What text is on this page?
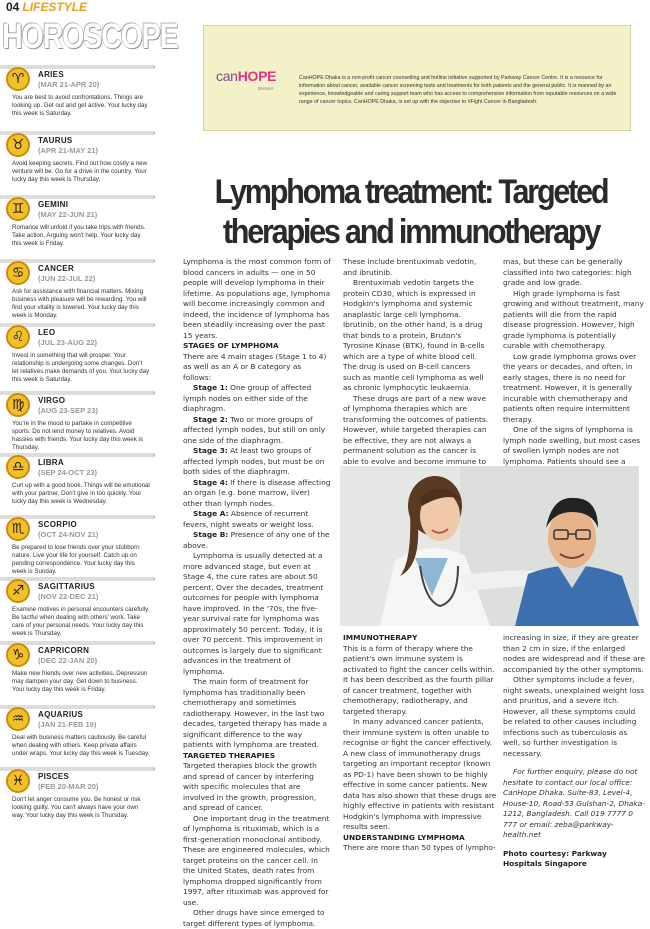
04 LIFESTYLE
HOROSCOPE
♈	ARIES
(MAR 21-APR 20)
You are best to avoid confrontations. Things are looking up. Get out and get active. Your lucky day this week is Saturday.
♉	TAURUS
(APR 21-MAY 21)
Avoid keeping secrets. Find out how costly a new venture will be. Go for a drive in the country. Your lucky day this week is Thursday.
♊	GEMINI
(MAY 22-JUN 21)
Romance will unfold if you take trips with friends. Take action. Arguing won't help. Your lucky day this week is Friday.
♋	CANCER
(JUN 22-JUL 22)
Ask for assistance with financial matters. Mixing business with pleasure will be rewarding. You will find your vitality is lowered. Your lucky day this week is Monday.
♌	LEO
(JUL 23-AUG 22)
Invest in something that will prosper. Your relationship is undergoing some changes. Don't let relatives make demands of you. Your lucky day this week is Saturday.
♍	VIRGO
(AUG 23-SEP 23)
You're in the mood to partake in competitive sports. Do not lend money to relatives. Avoid hassles with friends. Your lucky day this week is Thursday.
♎	LIBRA
(SEP 24-OCT 23)
Curl up with a good book. Things will be emotional with your partner. Don't give in too quickly. Your lucky day this week is Wednesday.
♏	SCORPIO
(OCT 24-NOV 21)
Be prepared to lose friends over your stubborn nature. Live your life for yourself. Catch up on pending correspondence. Your lucky day this week is Sunday.
♐	SAGITTARIUS
(NOV 22-DEC 21)
Examine motives in personal encounters carefully. Be tactful when dealing with others' work. Take care of your personal needs. Your lucky day this week is Thursday.
♑	CAPRICORN
(DEC 22-JAN 20)
Make new friends over new activities. Depression may dampen your day. Get down to business. Your lucky day this week is Friday.
♒	AQUARIUS
(JAN 21-FEB 19)
Deal with business matters cautiously. Be careful when dealing with others. Keep private affairs under wraps. Your lucky day this week is Tuesday.
♓	PISCES
(FEB 20-MAR 20)
Don't let anger consume you. Be honest or risk looking guilty. You can't always have your own way. Your lucky day this week is Thursday.
canHOPE
DHAKA
CanHOPE Dhaka is a non-profit cancer counselling and hotline initiative supported by Parkway Cancer Centre. It is a resource for information about cancer, available cancer screening tests and treatments for both patients and the general public. It is manned by an experience, knowledgeable and caring support team who has access to comprehensive information from reputable resources on a wide range of cancer topics. CanHOPE Dhaka, is set up with the objective to #Fight Cancer in Bangladesh.
Lymphoma treatment: Targeted therapies and immunotherapy

Lymphoma is the most common form of blood cancers in adults — one in 50 people will develop lymphoma in their lifetime. As populations age, lymphoma will become increasingly common and indeed, the incidence of lymphoma has been steadily increasing over the past 15 years.

STAGES OF LYMPHOMA

There are 4 main stages (Stage 1 to 4) as well as an A or B category as follows:

Stage 1: One group of affected lymph nodes on either side of the diaphragm.

Stage 2: Two or more groups of affected lymph nodes, but still on only one side of the diaphragm.

Stage 3: At least two groups of affected lymph nodes, but must be on both sides of the diaphragm.

Stage 4: If there is disease affecting an organ (e.g. bone marrow, liver) other than lymph nodes.

Stage A: Absence of recurrent fevers, night sweats or weight loss.

Stage B: Presence of any one of the above.

Lymphoma is usually detected at a more advanced stage, but even at Stage 4, the cure rates are about 50 percent. Over the decades, treatment outcomes for people with lymphoma have improved. In the '70s, the five-year survival rate for lymphoma was approximately 50 percent. Today, it is over 70 percent. This improvement in outcomes is largely due to significant advances in the treatment of lymphoma.

The main form of treatment for lymphoma has traditionally been chemotherapy and sometimes radiotherapy. However, in the last two decades, targeted therapy has made a significant difference to the way patients with lymphoma are treated.

TARGETED THERAPIES

Targeted therapies block the growth and spread of cancer by interfering with specific molecules that are involved in the growth, progression, and spread of cancer.

One important drug in the treatment of lymphoma is rituximab, which is a first-generation monoclonal antibody. These are engineered molecules, which target proteins on the cancer cell. In the United States, death rates from lymphoma dropped significantly from 1997, after rituximab was approved for use.

Other drugs have since emerged to target different types of lymphoma.

These include brentuximab vedotin, and ibrutinib.

Brentuximab vedotin targets the protein CD30, which is expressed in Hodgkin's lymphoma and systemic anaplastic large cell lymphoma. Ibrutinib, on the other hand, is a drug that binds to a protein, Bruton's Tyrosine Kinase (BTK), found in B-cells which are a type of white blood cell. The drug is used on B-cell cancers such as mantle cell lymphoma as well as chronic lymphocytic leukaemia.

These drugs are part of a new wave of lymphoma therapies which are transforming the outcomes of patients. However, while targeted therapies can be effective, they are not always a permanent solution as the cancer is able to evolve and become immune to

mas, but these can be generally classified into two categories: high grade and low grade.

High grade lymphoma is fast growing and without treatment, many patients will die from the rapid disease progression. However, high grade lymphoma is potentially curable with chemotherapy.

Low grade lymphoma grows over the years or decades, and often, in early stages, there is no need for treatment. However, it is generally incurable with chemotherapy and patients often require intermittent therapy.

One of the signs of lymphoma is lymph node swelling, but most cases of swollen lymph nodes are not lymphoma. Patients should see a

IMMUNOTHERAPY

This is a form of therapy where the patient's own immune system is activated to fight the cancer cells within. It has been described as the fourth pillar of cancer treatment, together with chemotherapy, radiotherapy, and targeted therapy.

In many advanced cancer patients, their immune system is often unable to recognise or fight the cancer effectively. A new class of immunotherapy drugs targeting an important receptor (known as PD-1) have been shown to be highly effective in some cancer patients. New data has also shown that these drugs are highly effective in patients with resistant Hodgkin's lymphoma with impressive results seen.

UNDERSTANDING LYMPHOMA

There are more than 50 types of lympho-

increasing in size, if they are greater than 2 cm in size, if the enlarged nodes are widespread and if these are accompanied by the other symptoms.

Other symptoms include a fever, night sweats, unexplained weight loss and pruritus, and a severe itch. However, all these symptoms could be related to other causes including infections such as tuberculosis as well, so further investigation is necessary.

For further enquiry, please do not hesitate to contact our local office: CanHope Dhaka. Suite-83, Level-4, House-10, Road-53 Gulshan-2, Dhaka-1212, Bangladesh. Call 019 7777 0 777 or email: zeba@parkway-health.net

Photo courtesy: Parkway Hospitals Singapore
